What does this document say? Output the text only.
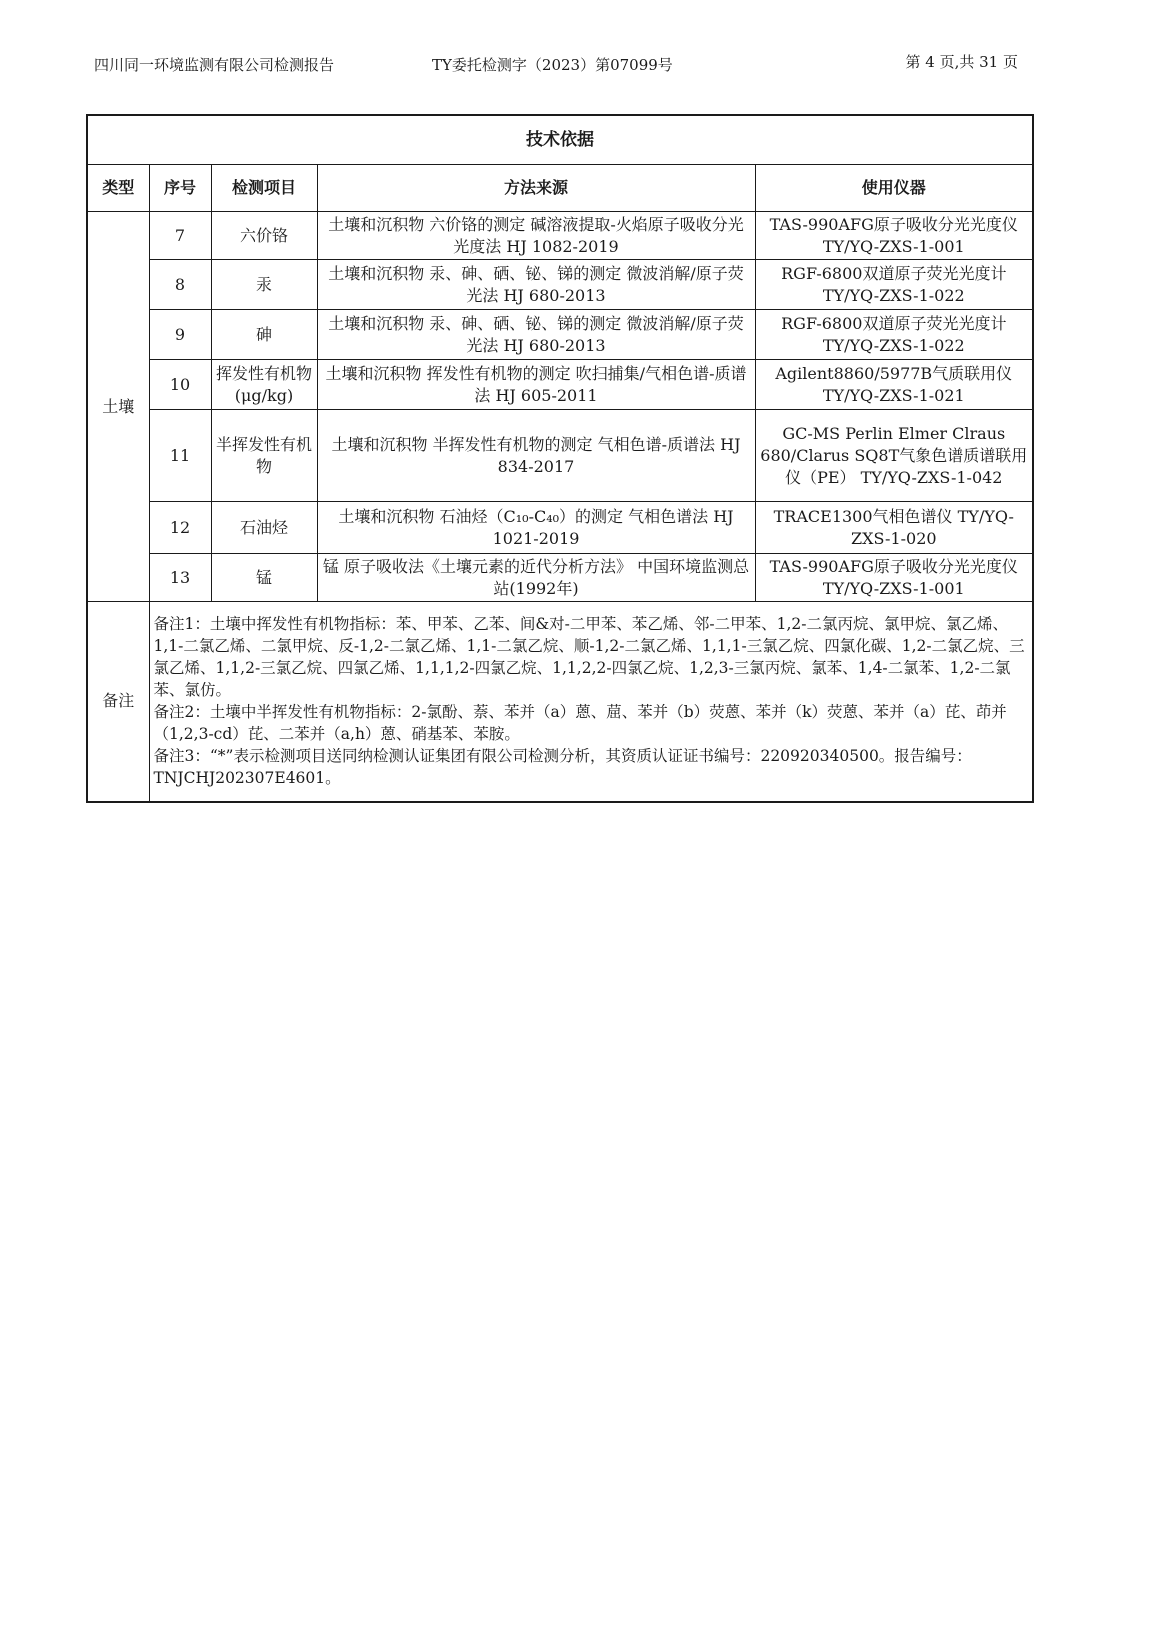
四川同一环境监测有限公司检测报告	TY委托检测字（2023）第07099号	第 4 页,共 31 页
技术依据				
类型	序号	检测项目	方法来源	使用仪器
土壤	7	六价铬	土壤和沉积物 六价铬的测定 碱溶液提取-火焰原子吸收分光光度法 HJ 1082-2019	TAS-990AFG原子吸收分光光度仪 TY/YQ-ZXS-1-001
	8	汞	土壤和沉积物 汞、砷、硒、铋、锑的测定 微波消解/原子荧光法 HJ 680-2013	RGF-6800双道原子荧光光度计 TY/YQ-ZXS-1-022
	9	砷	土壤和沉积物 汞、砷、硒、铋、锑的测定 微波消解/原子荧光法 HJ 680-2013	RGF-6800双道原子荧光光度计 TY/YQ-ZXS-1-022
	10	挥发性有机物(μg/kg)	土壤和沉积物 挥发性有机物的测定 吹扫捕集/气相色谱-质谱法 HJ 605-2011	Agilent8860/5977B气质联用仪 TY/YQ-ZXS-1-021
	11	半挥发性有机物	土壤和沉积物 半挥发性有机物的测定 气相色谱-质谱法 HJ 834-2017	GC-MS Perlin Elmer Clraus 680/Clarus SQ8T气象色谱质谱联用仪（PE） TY/YQ-ZXS-1-042
	12	石油烃	土壤和沉积物 石油烃（C₁₀-C₄₀）的测定 气相色谱法 HJ 1021-2019	TRACE1300气相色谱仪 TY/YQ-ZXS-1-020
	13	锰	锰 原子吸收法《土壤元素的近代分析方法》 中国环境监测总站(1992年)	TAS-990AFG原子吸收分光光度仪 TY/YQ-ZXS-1-001
备注	备注1：土壤中挥发性有机物指标：苯、甲苯、乙苯、间&对-二甲苯、苯乙烯、邻-二甲苯、1,2-二氯丙烷、氯甲烷、氯乙烯、1,1-二氯乙烯、二氯甲烷、反-1,2-二氯乙烯、1,1-二氯乙烷、顺-1,2-二氯乙烯、1,1,1-三氯乙烷、四氯化碳、1,2-二氯乙烷、三氯乙烯、1,1,2-三氯乙烷、四氯乙烯、1,1,1,2-四氯乙烷、1,1,2,2-四氯乙烷、1,2,3-三氯丙烷、氯苯、1,4-二氯苯、1,2-二氯苯、氯仿。

备注2：土壤中半挥发性有机物指标：2-氯酚、萘、苯并（a）蒽、䓛、苯并（b）荧蒽、苯并（k）荧蒽、苯并（a）芘、茚并（1,2,3-cd）芘、二苯并（a,h）蒽、硝基苯、苯胺。

备注3：“*”表示检测项目送同纳检测认证集团有限公司检测分析，其资质认证证书编号：220920340500。报告编号：TNJCHJ202307E4601。			
